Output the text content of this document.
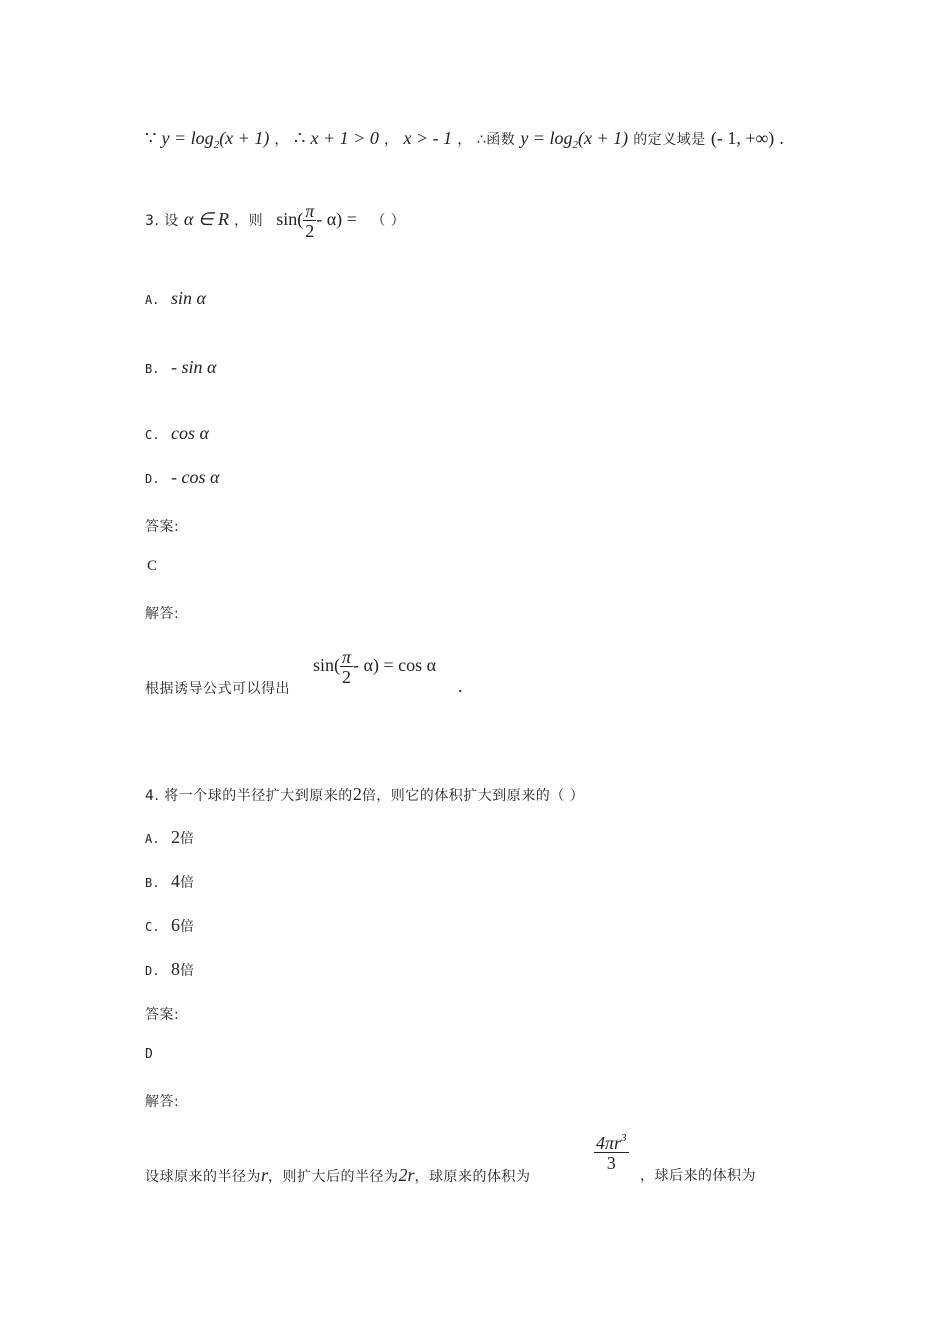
∵ $y = \log_2(x + 1)$ ， ∴ x + 1 > 0 ， x > - 1 ， ∴函数 $y = \log_2(x + 1)$ 的定义域是 (- 1, +∞) .
3. 设 α ∈ R ，则 $\sin( \frac{\pi}{2} - \alpha)$ = （ ）
A. sin α
B. - sin α
C. cos α
D. - cos α
答案:
C
解答:
根据诱导公式可以得出
$\sin( \frac{\pi}{2} - \alpha) = \cos \alpha$
.
4. 将一个球的半径扩大到原来的2倍，则它的体积扩大到原来的（ ）
A. 2倍
B. 4倍
C. 6倍
D. 8倍
答案:
D
解答:
设球原来的半径为r，则扩大后的半径为2r，球原来的体积为
$\frac{4\pi r^3}{3}$
，球后来的体积为
